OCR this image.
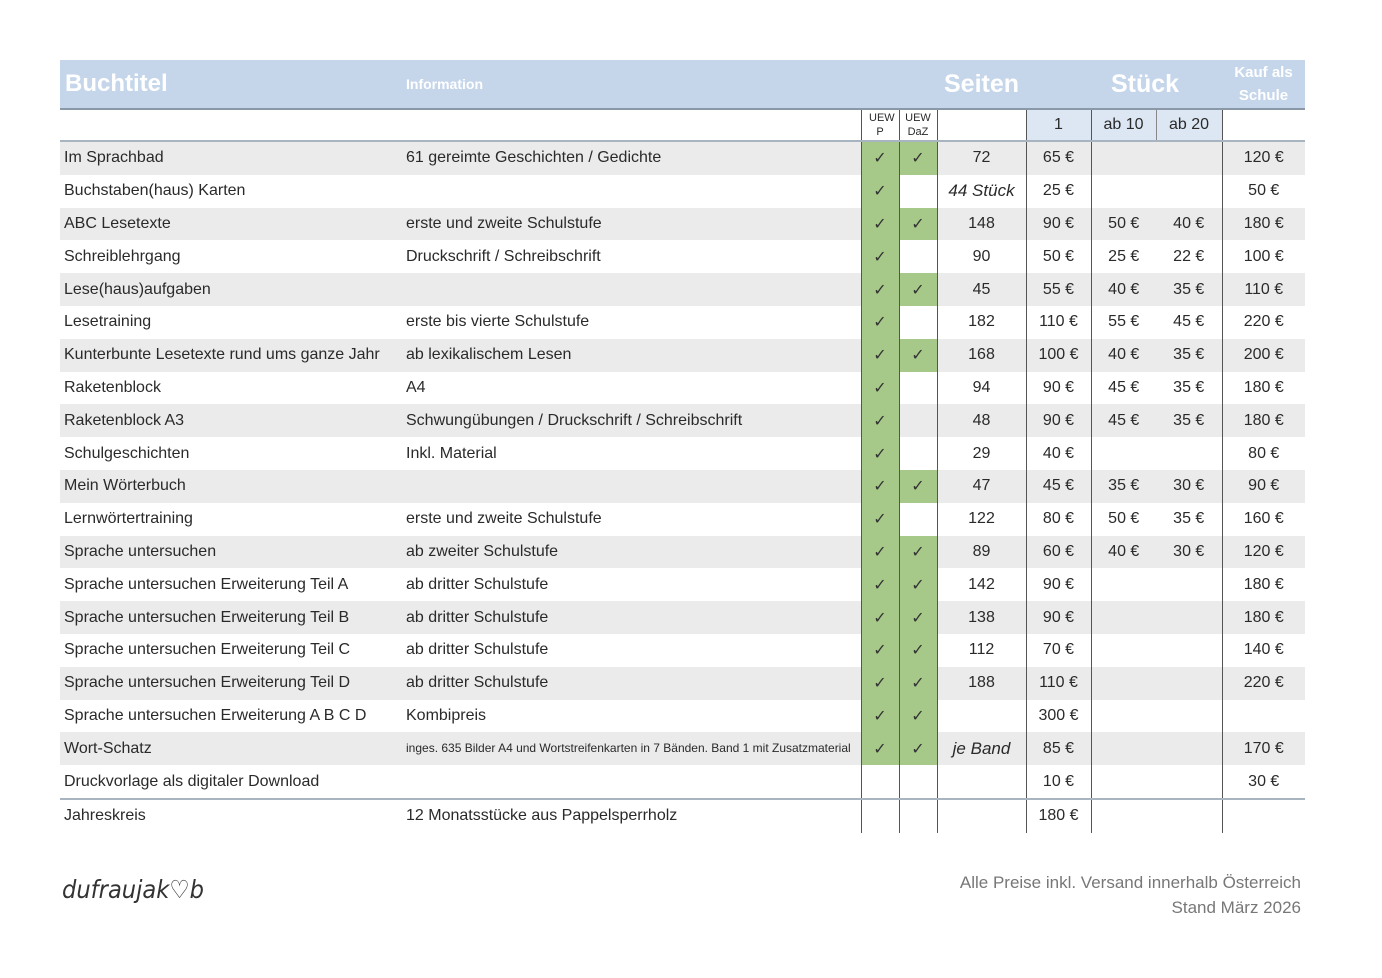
Buchtitel	Information			Seiten	Stück			Kauf als Schule

		UEW P	UEW DaZ		1	ab 10	ab 20	
Im Sprachbad	61 gereimte Geschichten / Gedichte	✓	✓	72	65 €			120 €
Buchstaben(haus) Karten		✓		44 Stück	25 €			50 €
ABC Lesetexte	erste und zweite Schulstufe	✓	✓	148	90 €	50 €	40 €	180 €
Schreiblehrgang	Druckschrift / Schreibschrift	✓		90	50 €	25 €	22 €	100 €
Lese(haus)aufgaben		✓	✓	45	55 €	40 €	35 €	110 €
Lesetraining	erste bis vierte Schulstufe	✓		182	110 €	55 €	45 €	220 €
Kunterbunte Lesetexte rund ums ganze Jahr	ab lexikalischem Lesen	✓	✓	168	100 €	40 €	35 €	200 €
Raketenblock	A4	✓		94	90 €	45 €	35 €	180 €
Raketenblock A3	Schwungübungen / Druckschrift / Schreibschrift	✓		48	90 €	45 €	35 €	180 €
Schulgeschichten	Inkl. Material	✓		29	40 €			80 €
Mein Wörterbuch		✓	✓	47	45 €	35 €	30 €	90 €
Lernwörtertraining	erste und zweite Schulstufe	✓		122	80 €	50 €	35 €	160 €
Sprache untersuchen	ab zweiter Schulstufe	✓	✓	89	60 €	40 €	30 €	120 €
Sprache untersuchen Erweiterung Teil A	ab dritter Schulstufe	✓	✓	142	90 €			180 €
Sprache untersuchen Erweiterung Teil B	ab dritter Schulstufe	✓	✓	138	90 €			180 €
Sprache untersuchen Erweiterung Teil C	ab dritter Schulstufe	✓	✓	112	70 €			140 €
Sprache untersuchen Erweiterung Teil D	ab dritter Schulstufe	✓	✓	188	110 €			220 €
Sprache untersuchen Erweiterung A B C D	Kombipreis	✓	✓		300 €			
Wort-Schatz	inges. 635 Bilder A4 und Wortstreifenkarten in 7 Bänden. Band 1 mit Zusatzmaterial	✓	✓	je Band	85 €			170 €
Druckvorlage als digitaler Download					10 €			30 €
Jahreskreis	12 Monatsstücke aus Pappelsperrholz				180 €			
dufraujak♡b	Alle Preise inkl. Versand innerhalb Österreich
Stand März 2026
